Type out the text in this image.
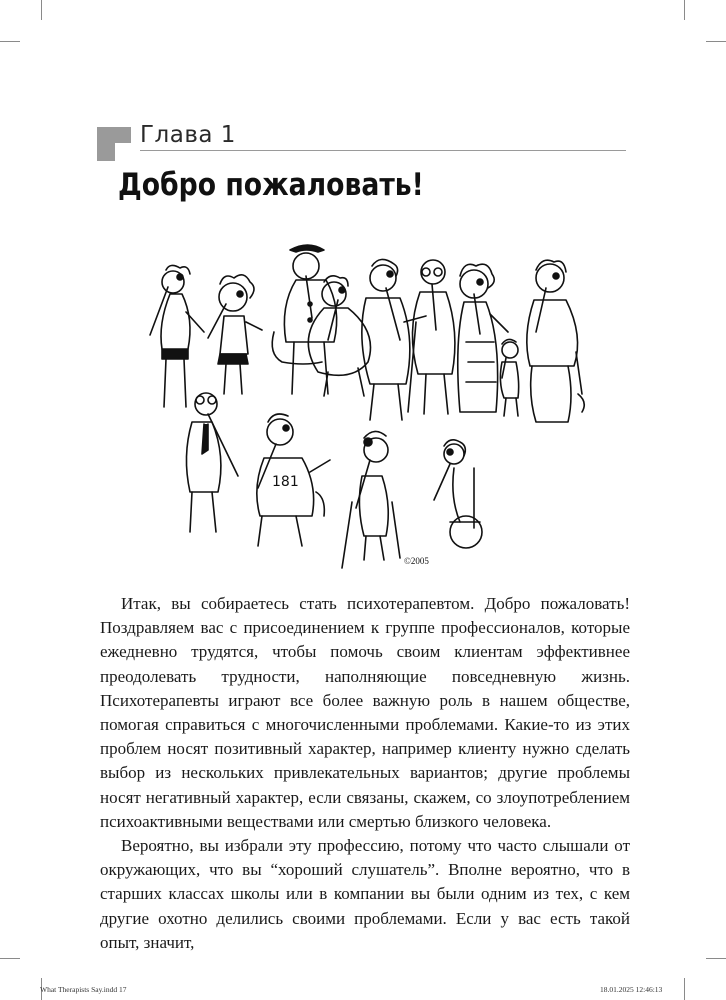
Глава 1
Добро пожаловать!
181
©2005

Итак, вы собираетесь стать психотерапевтом. Добро пожаловать! Поздравляем вас с присоединением к группе профессионалов, которые ежедневно трудятся, чтобы помочь своим клиентам эффективнее преодолевать трудности, наполняющие повседневную жизнь. Психотерапевты играют все более важную роль в нашем обществе, помогая справиться с многочисленными проблемами. Какие-то из этих проблем носят позитивный характер, например клиенту нужно сделать выбор из нескольких привлекательных вариантов; другие проблемы носят негативный характер, если связаны, скажем, со злоупотреблением психоактивными веществами или смертью близкого человека.

Вероятно, вы избрали эту профессию, потому что часто слышали от окружающих, что вы “хороший слушатель”. Вполне вероятно, что в старших классах школы или в компании вы были одним из тех, с кем другие охотно делились своими проблемами. Если у вас есть такой опыт, значит,

What Therapists Say.indd 17	18.01.2025 12:46:13
